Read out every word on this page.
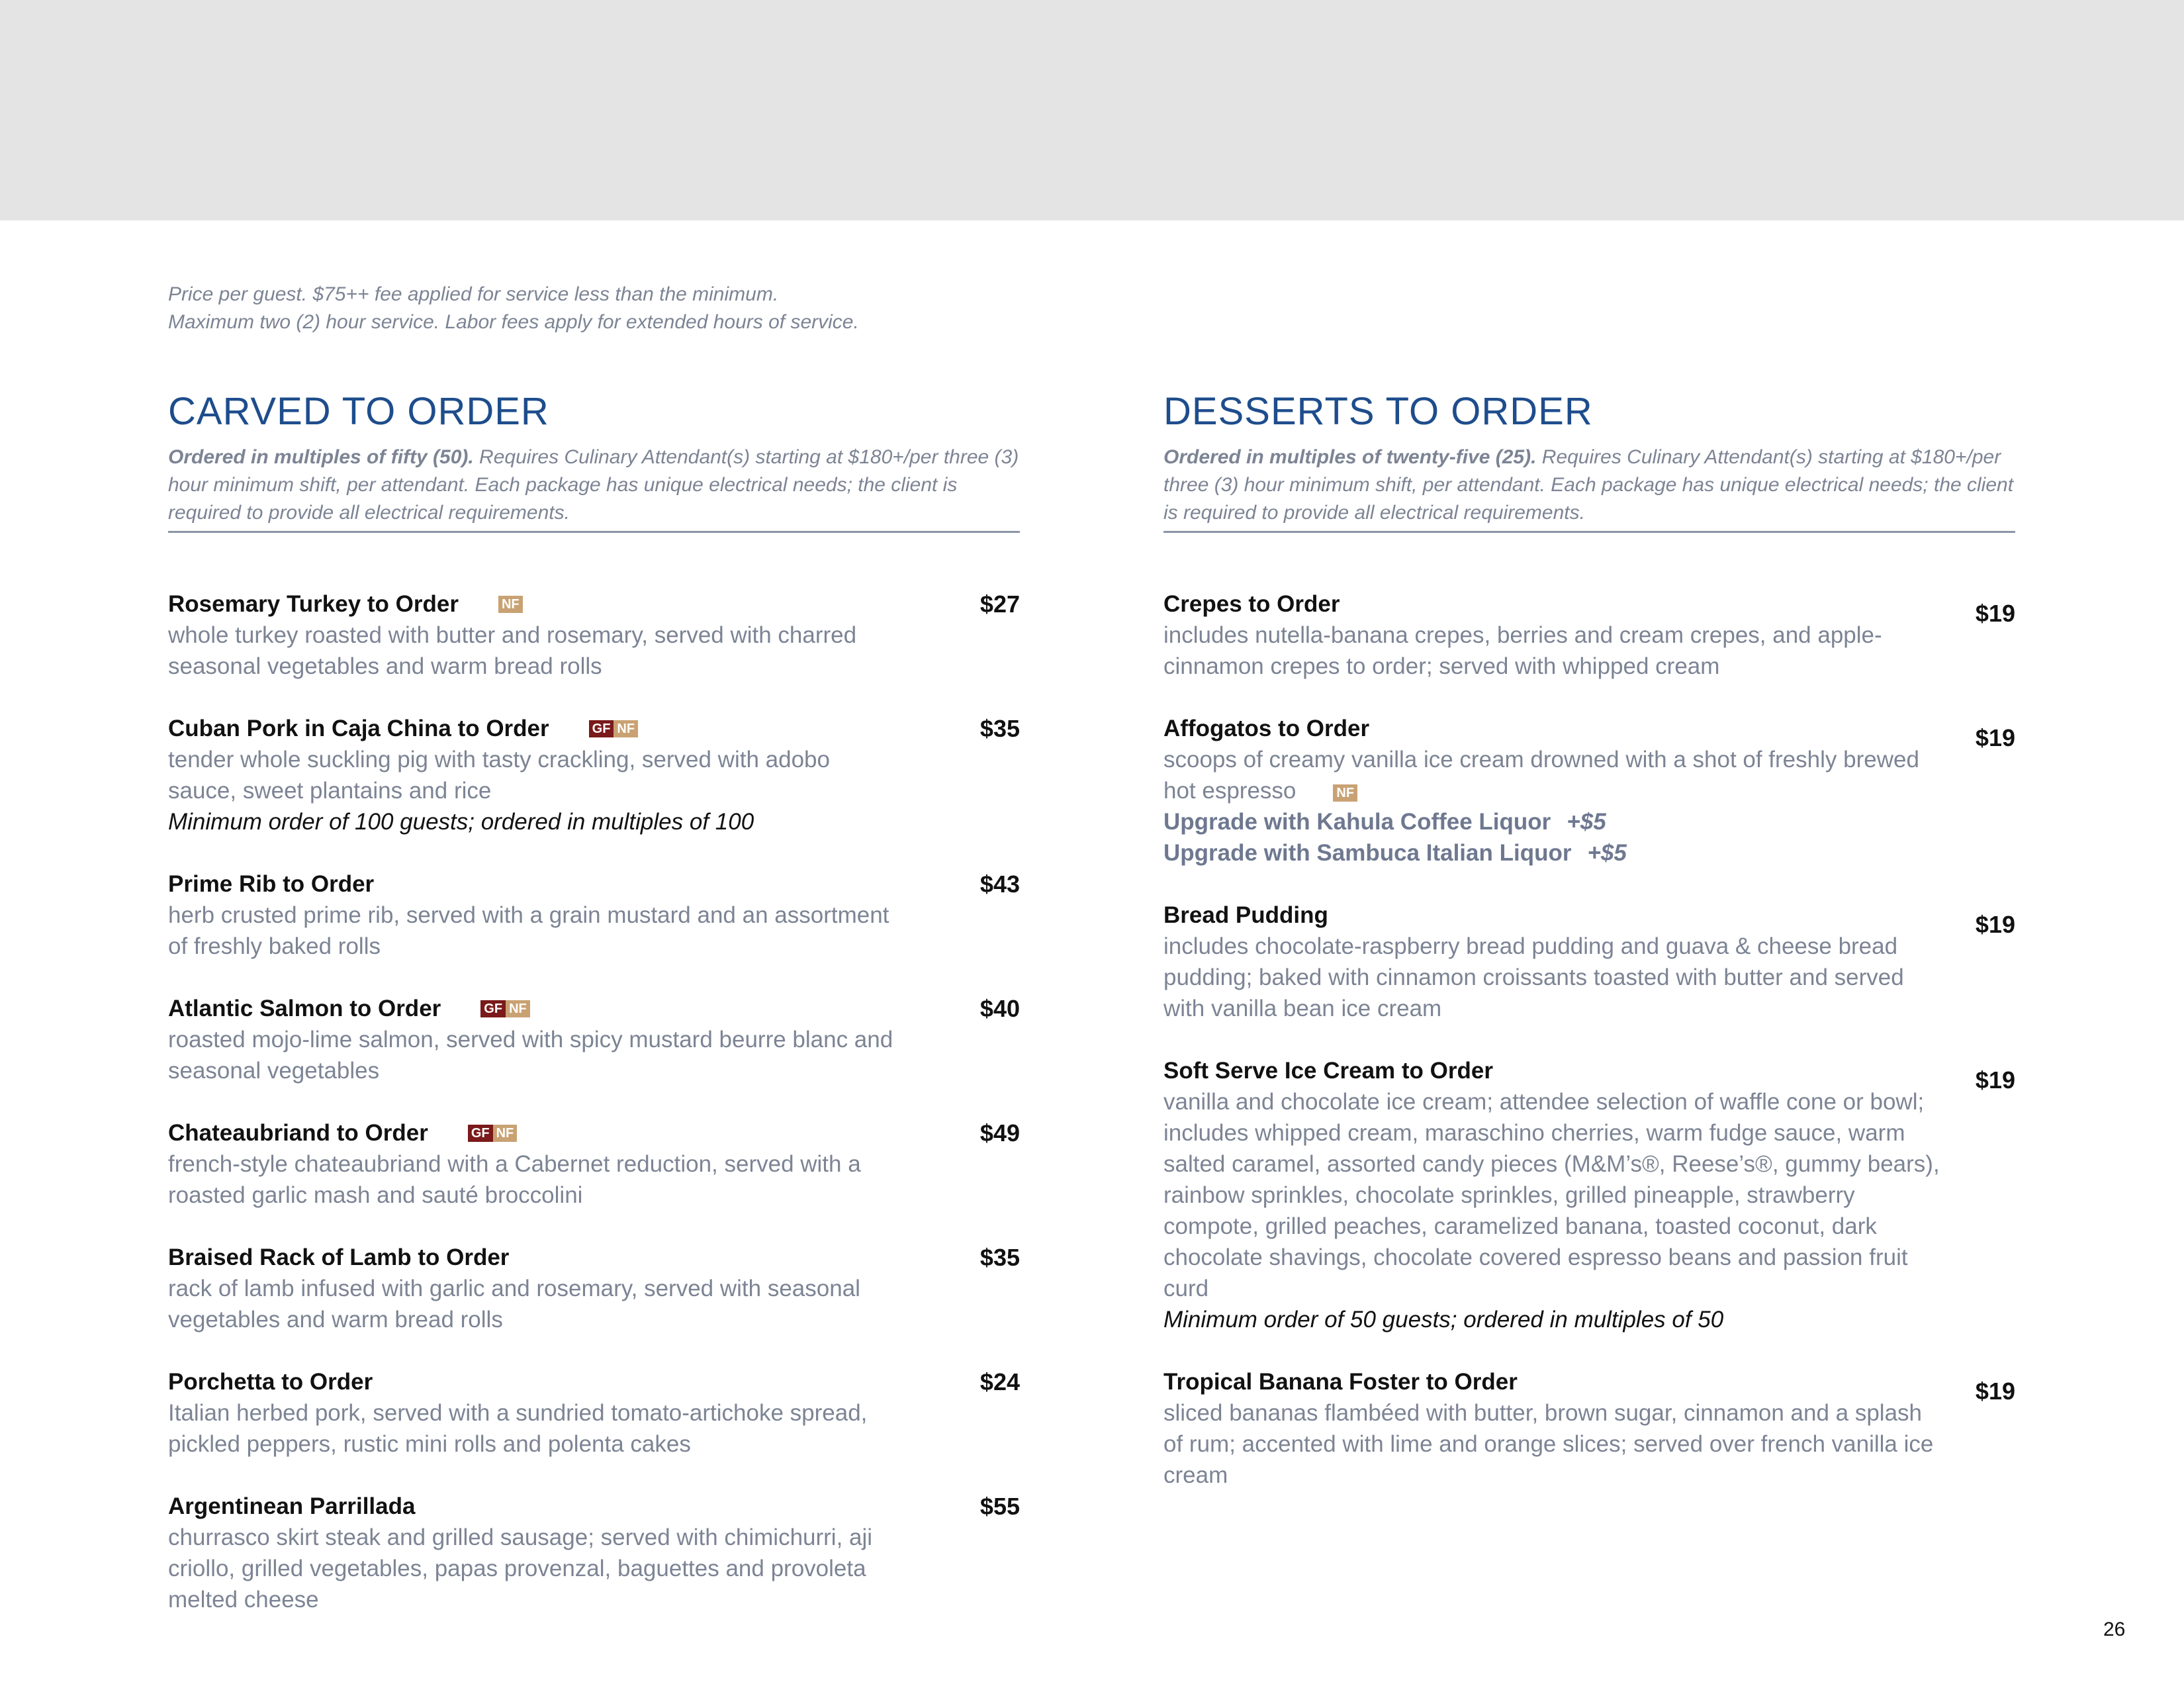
Price per guest. $75++ fee applied for service less than the minimum.
Maximum two (2) hour service. Labor fees apply for extended hours of service.
CARVED TO ORDER
Ordered in multiples of fifty (50). Requires Culinary Attendant(s) starting at $180+/per three (3) hour minimum shift, per attendant. Each package has unique electrical needs; the client is required to provide all electrical requirements.
Rosemary Turkey to Order	NF	$27
whole turkey roasted with butter and rosemary, served with charred seasonal vegetables and warm bread rolls
Cuban Pork in Caja China to Order	GF NF	$35
tender whole suckling pig with tasty crackling, served with adobo sauce, sweet plantains and rice
Minimum order of 100 guests; ordered in multiples of 100
Prime Rib to Order	$43
herb crusted prime rib, served with a grain mustard and an assortment of freshly baked rolls
Atlantic Salmon to Order	GF NF	$40
roasted mojo-lime salmon, served with spicy mustard beurre blanc and seasonal vegetables
Chateaubriand to Order	GF NF	$49
french-style chateaubriand with a Cabernet reduction, served with a roasted garlic mash and sauté broccolini
Braised Rack of Lamb to Order	$35
rack of lamb infused with garlic and rosemary, served with seasonal vegetables and warm bread rolls
Porchetta to Order	$24
Italian herbed pork, served with a sundried tomato-artichoke spread, pickled peppers, rustic mini rolls and polenta cakes
Argentinean Parrillada	$55
churrasco skirt steak and grilled sausage; served with chimichurri, aji criollo, grilled vegetables, papas provenzal, baguettes and provoleta melted cheese
DESSERTS TO ORDER
Ordered in multiples of twenty-five (25). Requires Culinary Attendant(s) starting at $180+/per three (3) hour minimum shift, per attendant. Each package has unique electrical needs; the client is required to provide all electrical requirements.
Crepes to Order	$19
includes nutella-banana crepes, berries and cream crepes, and apple-cinnamon crepes to order; served with whipped cream
Affogatos to Order	$19
scoops of creamy vanilla ice cream drowned with a shot of freshly brewed hot espresso	NF
Upgrade with Kahula Coffee Liquor +$5
Upgrade with Sambuca Italian Liquor +$5
Bread Pudding	$19
includes chocolate-raspberry bread pudding and guava & cheese bread pudding; baked with cinnamon croissants toasted with butter and served with vanilla bean ice cream
Soft Serve Ice Cream to Order	$19
vanilla and chocolate ice cream; attendee selection of waffle cone or bowl; includes whipped cream, maraschino cherries, warm fudge sauce, warm salted caramel, assorted candy pieces (M&M’s®, Reese’s®, gummy bears), rainbow sprinkles, chocolate sprinkles, grilled pineapple, strawberry compote, grilled peaches, caramelized banana, toasted coconut, dark chocolate shavings, chocolate covered espresso beans and passion fruit curd
Minimum order of 50 guests; ordered in multiples of 50
Tropical Banana Foster to Order	$19
sliced bananas flambéed with butter, brown sugar, cinnamon and a splash of rum; accented with lime and orange slices; served over french vanilla ice cream
26
